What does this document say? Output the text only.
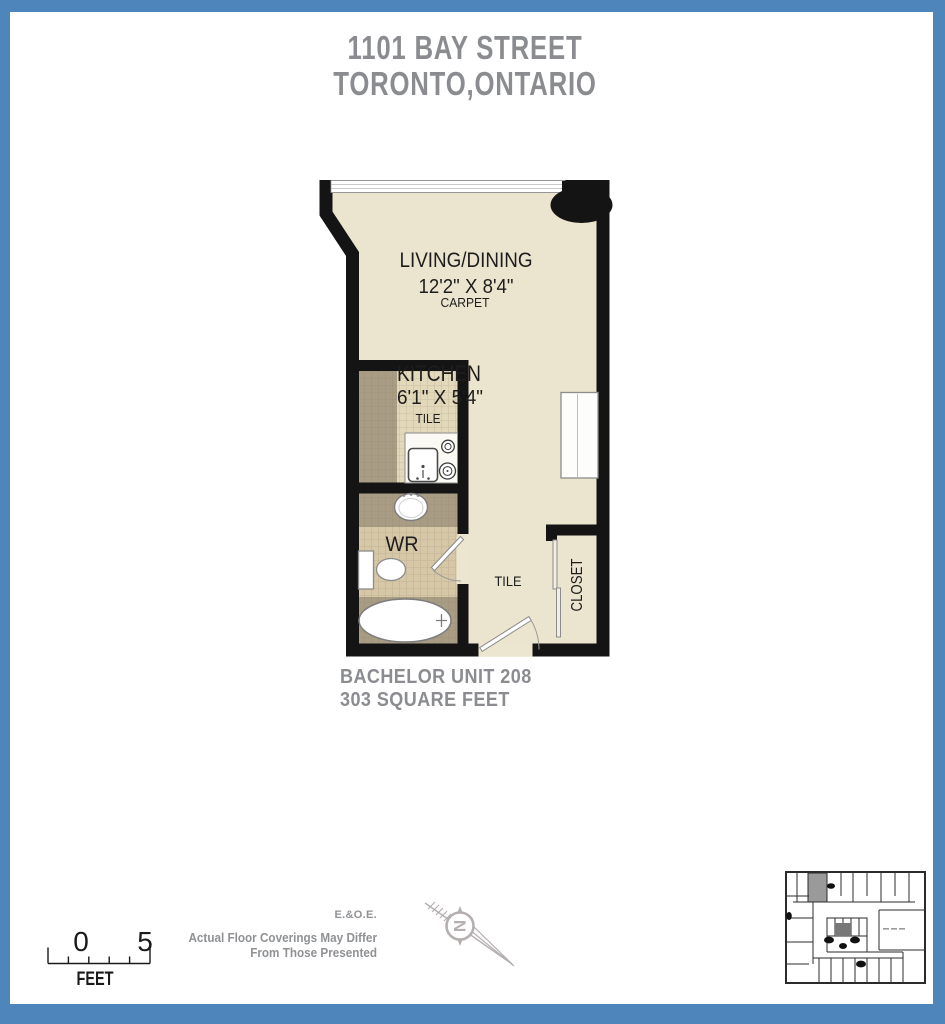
1101 BAY STREET
TORONTO,ONTARIO
LIVING/DINING
12'2" X 8'4"
CARPET
KITCHEN
6'1" X 5'4"
TILE
WR
TILE	CLOSET
BACHELOR UNIT 208
303 SQUARE FEET
0 5
FEET
E.&O.E.
Actual Floor Coverings May Differ
From Those Presented
N
